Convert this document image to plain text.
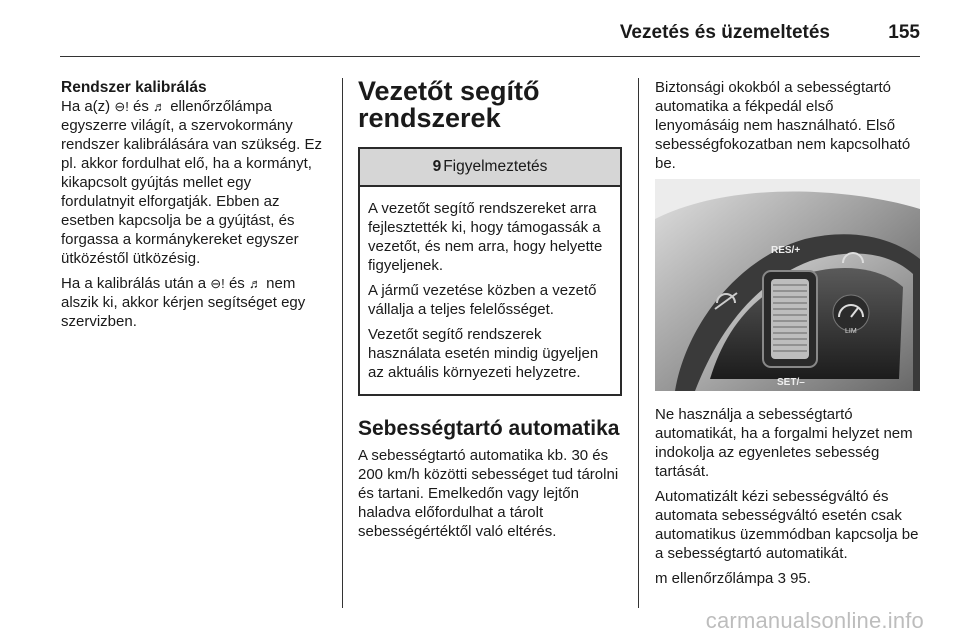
Vezetés és üzemeltetés	155
Rendszer kalibrálás

Ha a(z) ⊖! és ♬ ellenőrzőlámpa egyszerre világít, a szervokormány rendszer kalibrálására van szükség. Ez pl. akkor fordulhat elő, ha a kormányt, kikapcsolt gyújtás mellet egy fordulatnyit elforgatják. Ebben az esetben kapcsolja be a gyújtást, és forgassa a kormánykereket egyszer ütközéstől ütközésig.

Ha a kalibrálás után a ⊖! és ♬ nem alszik ki, akkor kérjen segítséget egy szervizben.

Vezetőt segítő rendszerek
9 Figyelmeztetés

A vezetőt segítő rendszereket arra fejlesztették ki, hogy támogassák a vezetőt, és nem arra, hogy helyette figyeljenek.

A jármű vezetése közben a vezető vállalja a teljes felelősséget.

Vezetőt segítő rendszerek használata esetén mindig ügyeljen az aktuális környezeti helyzetre.

Sebességtartó automatika

A sebességtartó automatika kb. 30 és 200 km/h közötti sebességet tud tárolni és tartani. Emelkedőn vagy lejtőn haladva előfordulhat a tárolt sebességértéktől való eltérés.

Biztonsági okokból a sebességtartó automatika a fékpedál első lenyomásáig nem használható. Első sebességfokozatban nem kapcsolható be.

RES/+
SET/–
LIM

Ne használja a sebességtartó automatikát, ha a forgalmi helyzet nem indokolja az egyenletes sebesség tartását.

Automatizált kézi sebességváltó és automata sebességváltó esetén csak automatikus üzemmódban kapcsolja be a sebességtartó automatikát.

m ellenőrzőlámpa 3 95.

carmanualsonline.info
